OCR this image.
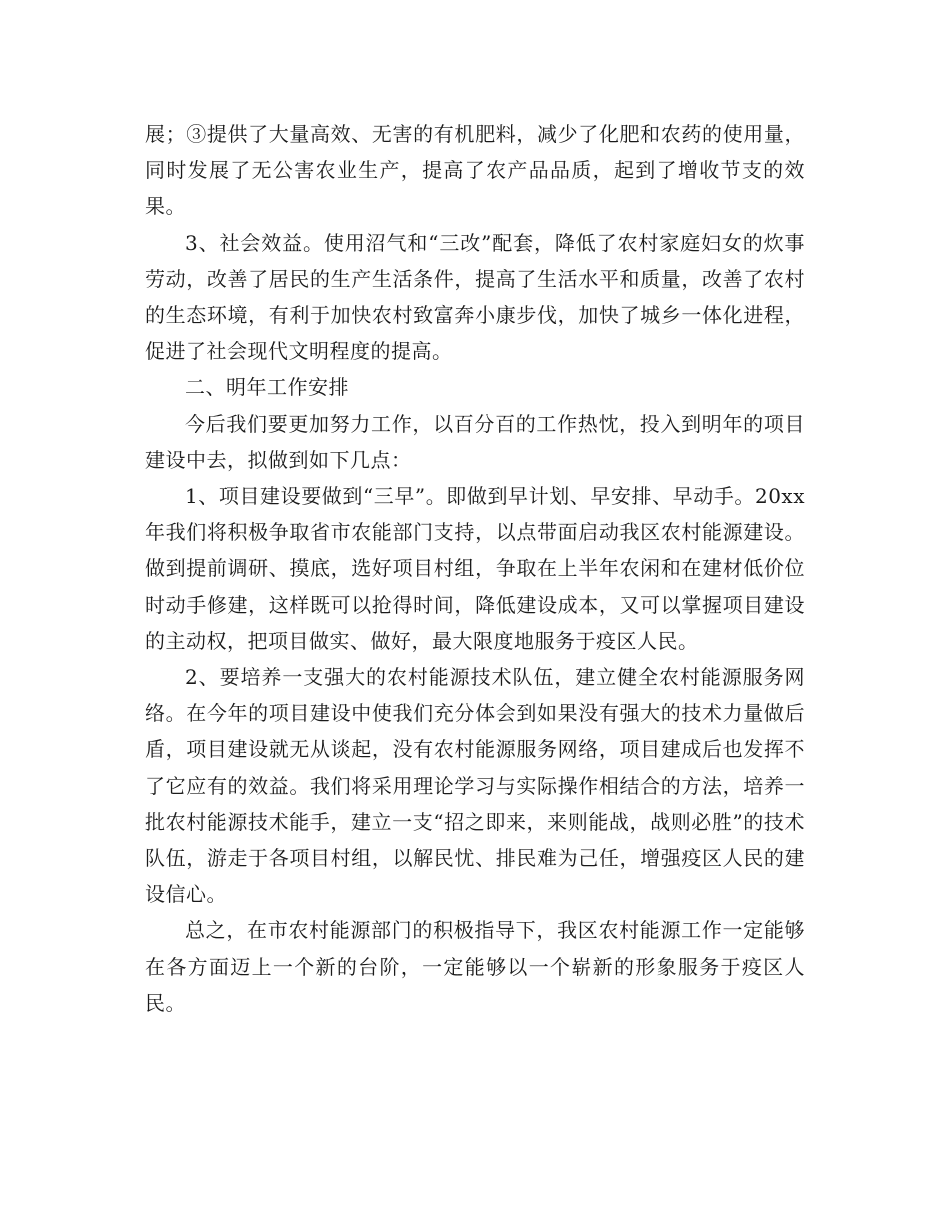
展；③提供了大量高效、无害的有机肥料，减少了化肥和农药的使用量，同时发展了无公害农业生产，提高了农产品品质，起到了增收节支的效果。

3、社会效益。使用沼气和“三改”配套，降低了农村家庭妇女的炊事劳动，改善了居民的生产生活条件，提高了生活水平和质量，改善了农村的生态环境，有利于加快农村致富奔小康步伐，加快了城乡一体化进程，促进了社会现代文明程度的提高。

二、明年工作安排

今后我们要更加努力工作，以百分百的工作热忱，投入到明年的项目建设中去，拟做到如下几点：

1、项目建设要做到“三早”。即做到早计划、早安排、早动手。20xx 年我们将积极争取省市农能部门支持，以点带面启动我区农村能源建设。做到提前调研、摸底，选好项目村组，争取在上半年农闲和在建材低价位时动手修建，这样既可以抢得时间，降低建设成本，又可以掌握项目建设的主动权，把项目做实、做好，最大限度地服务于疫区人民。

2、要培养一支强大的农村能源技术队伍，建立健全农村能源服务网络。在今年的项目建设中使我们充分体会到如果没有强大的技术力量做后盾，项目建设就无从谈起，没有农村能源服务网络，项目建成后也发挥不了它应有的效益。我们将采用理论学习与实际操作相结合的方法，培养一批农村能源技术能手，建立一支“招之即来，来则能战，战则必胜”的技术队伍，游走于各项目村组，以解民忧、排民难为己任，增强疫区人民的建设信心。

总之，在市农村能源部门的积极指导下，我区农村能源工作一定能够在各方面迈上一个新的台阶，一定能够以一个崭新的形象服务于疫区人民。
